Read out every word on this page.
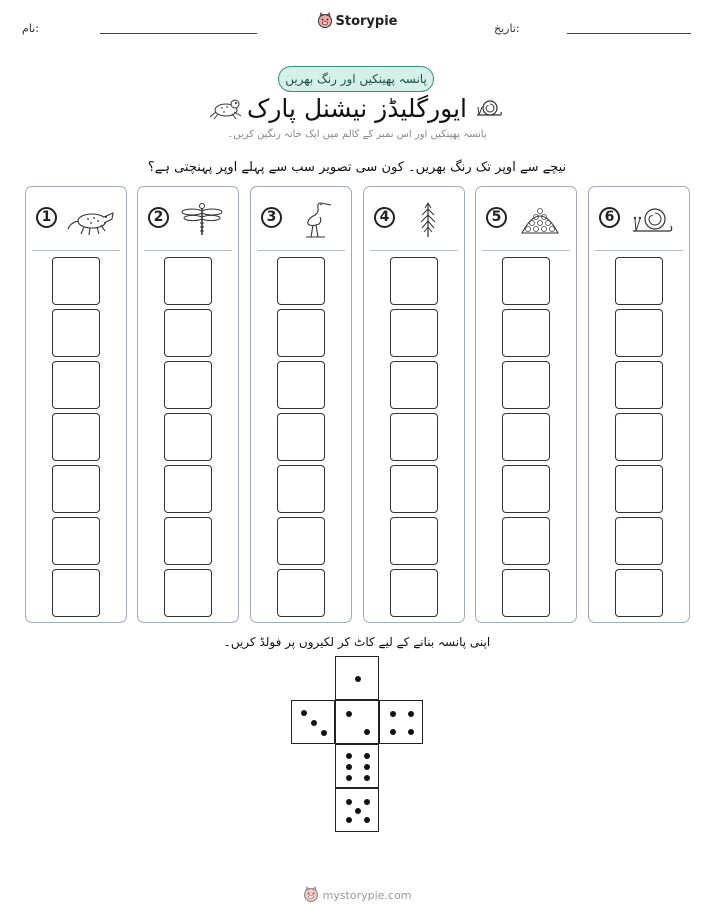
نام:	Storypie	تاریخ:
پانسہ پھینکیں اور رنگ بھریں
ایورگلیڈز نیشنل پارک
پانسہ پھینکیں اور اس نمبر کے کالم میں ایک خانہ رنگین کریں۔
نیچے سے اوپر تک رنگ بھریں۔ کون سی تصویر سب سے پہلے اوپر پہنچتی ہے؟
1	2	3	4	5	6
اپنی پانسہ بنانے کے لیے کاٹ کر لکیروں پر فولڈ کریں۔
mystorypie.com
